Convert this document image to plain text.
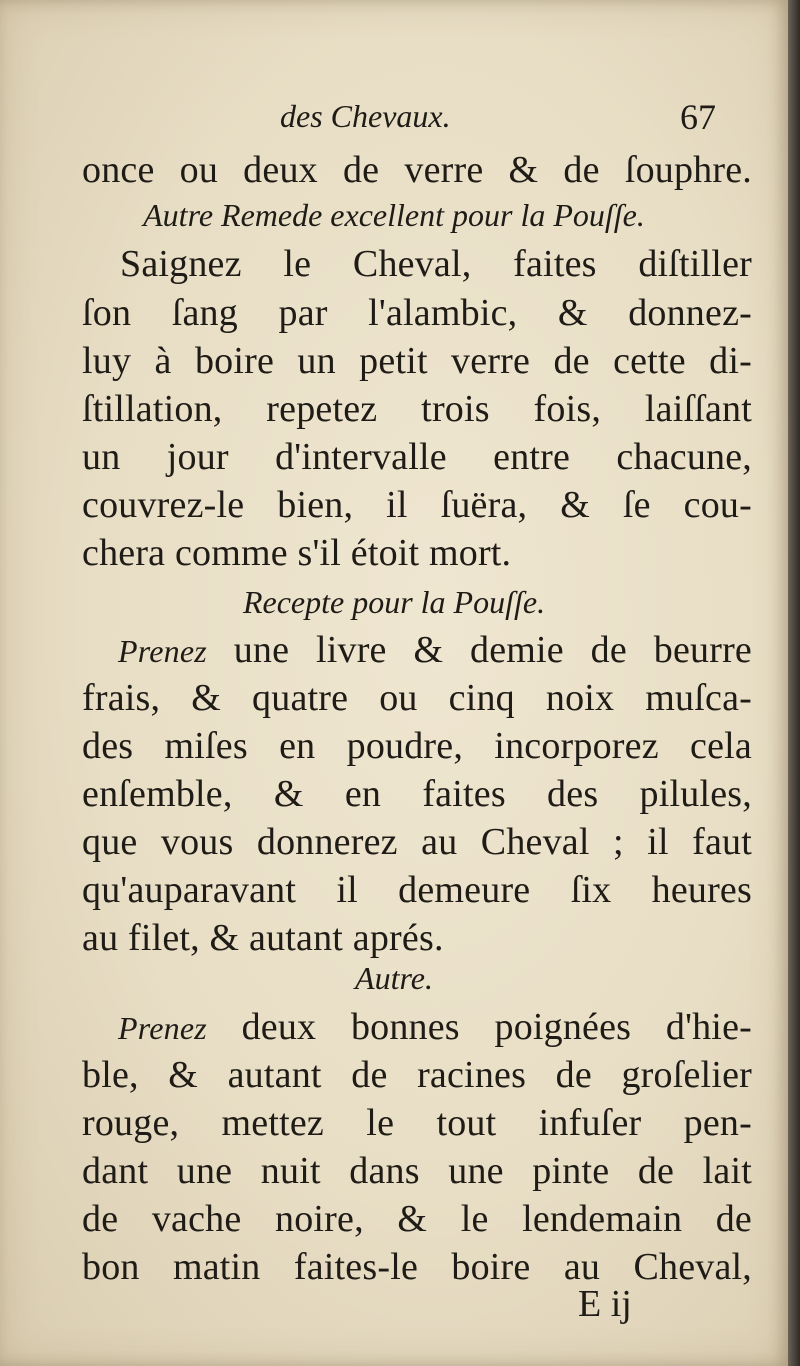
des Chevaux.	67
once ou deux de verre & de ſouphre.
Autre Remede excellent pour la Pouſſe.
Saignez le Cheval, faites diſtiller
ſon ſang par l'alambic, & donnez-
luy à boire un petit verre de cette di-
ſtillation, repetez trois fois, laiſſant
un jour d'intervalle entre chacune,
couvrez-le bien, il ſuëra, & ſe cou-
chera comme s'il étoit mort.
Recepte pour la Pouſſe.
Prenez une livre & demie de beurre
frais, & quatre ou cinq noix muſca-
des miſes en poudre, incorporez cela
enſemble, & en faites des pilules,
que vous donnerez au Cheval ; il faut
qu'auparavant il demeure ſix heures
au filet, & autant aprés.
Autre.
Prenez deux bonnes poignées d'hie-
ble, & autant de racines de groſelier
rouge, mettez le tout infuſer pen-
dant une nuit dans une pinte de lait
de vache noire, & le lendemain de
bon matin faites-le boire au Cheval,
E ij
